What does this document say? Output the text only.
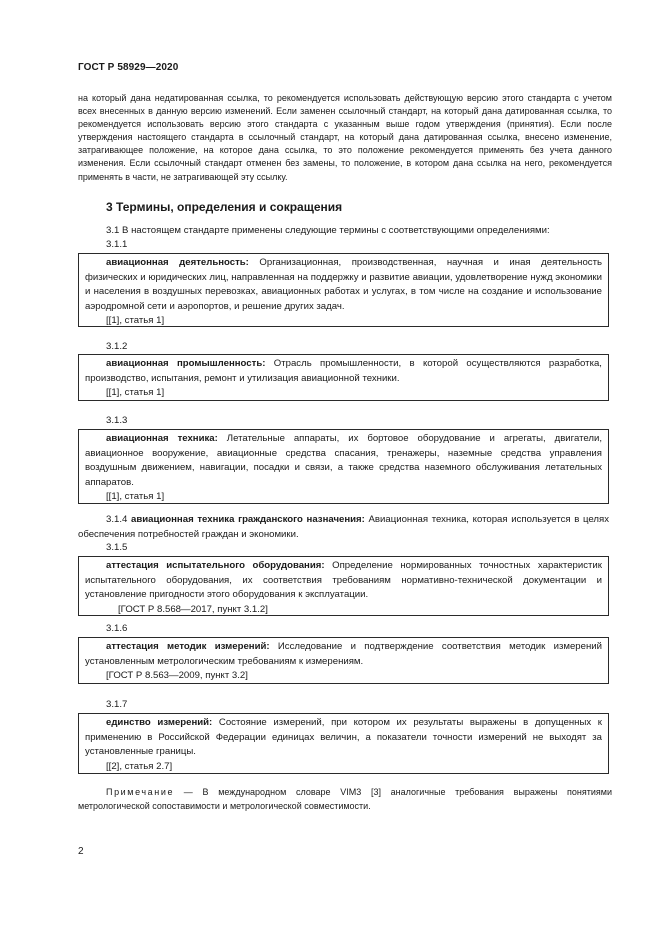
ГОСТ Р 58929—2020
на который дана недатированная ссылка, то рекомендуется использовать действующую версию этого стандарта с учетом всех внесенных в данную версию изменений. Если заменен ссылочный стандарт, на который дана датированная ссылка, то рекомендуется использовать версию этого стандарта с указанным выше годом утверждения (принятия). Если после утверждения настоящего стандарта в ссылочный стандарт, на который дана датированная ссылка, внесено изменение, затрагивающее положение, на которое дана ссылка, то это положение рекомендуется применять без учета данного изменения. Если ссылочный стандарт отменен без замены, то положение, в котором дана ссылка на него, рекомендуется применять в части, не затрагивающей эту ссылку.
3 Термины, определения и сокращения
3.1 В настоящем стандарте применены следующие термины с соответствующими определениями:
3.1.1

авиационная деятельность: Организационная, производственная, научная и иная деятельность физических и юридических лиц, направленная на поддержку и развитие авиации, удовлетворение нужд экономики и населения в воздушных перевозках, авиационных работах и услугах, в том числе на создание и использование аэродромной сети и аэропортов, и решение других задач.

[[1], статья 1]

3.1.2

авиационная промышленность: Отрасль промышленности, в которой осуществляются разработка, производство, испытания, ремонт и утилизация авиационной техники.

[[1], статья 1]

3.1.3

авиационная техника: Летательные аппараты, их бортовое оборудование и агрегаты, двигатели, авиационное вооружение, авиационные средства спасания, тренажеры, наземные средства управления воздушным движением, навигации, посадки и связи, а также средства наземного обслуживания летательных аппаратов.

[[1], статья 1]

3.1.4 авиационная техника гражданского назначения: Авиационная техника, которая используется в целях обеспечения потребностей граждан и экономики.
3.1.5

аттестация испытательного оборудования: Определение нормированных точностных характеристик испытательного оборудования, их соответствия требованиям нормативно-технической документации и установление пригодности этого оборудования к эксплуатации.

[ГОСТ Р 8.568—2017, пункт 3.1.2]

3.1.6

аттестация методик измерений: Исследование и подтверждение соответствия методик измерений установленным метрологическим требованиям к измерениям.

[ГОСТ Р 8.563—2009, пункт 3.2]

3.1.7

единство измерений: Состояние измерений, при котором их результаты выражены в допущенных к применению в Российской Федерации единицах величин, а показатели точности измерений не выходят за установленные границы.

[[2], статья 2.7]

Примечание — В международном словаре VIM3 [3] аналогичные требования выражены понятиями метрологической сопоставимости и метрологической совместимости.
2
